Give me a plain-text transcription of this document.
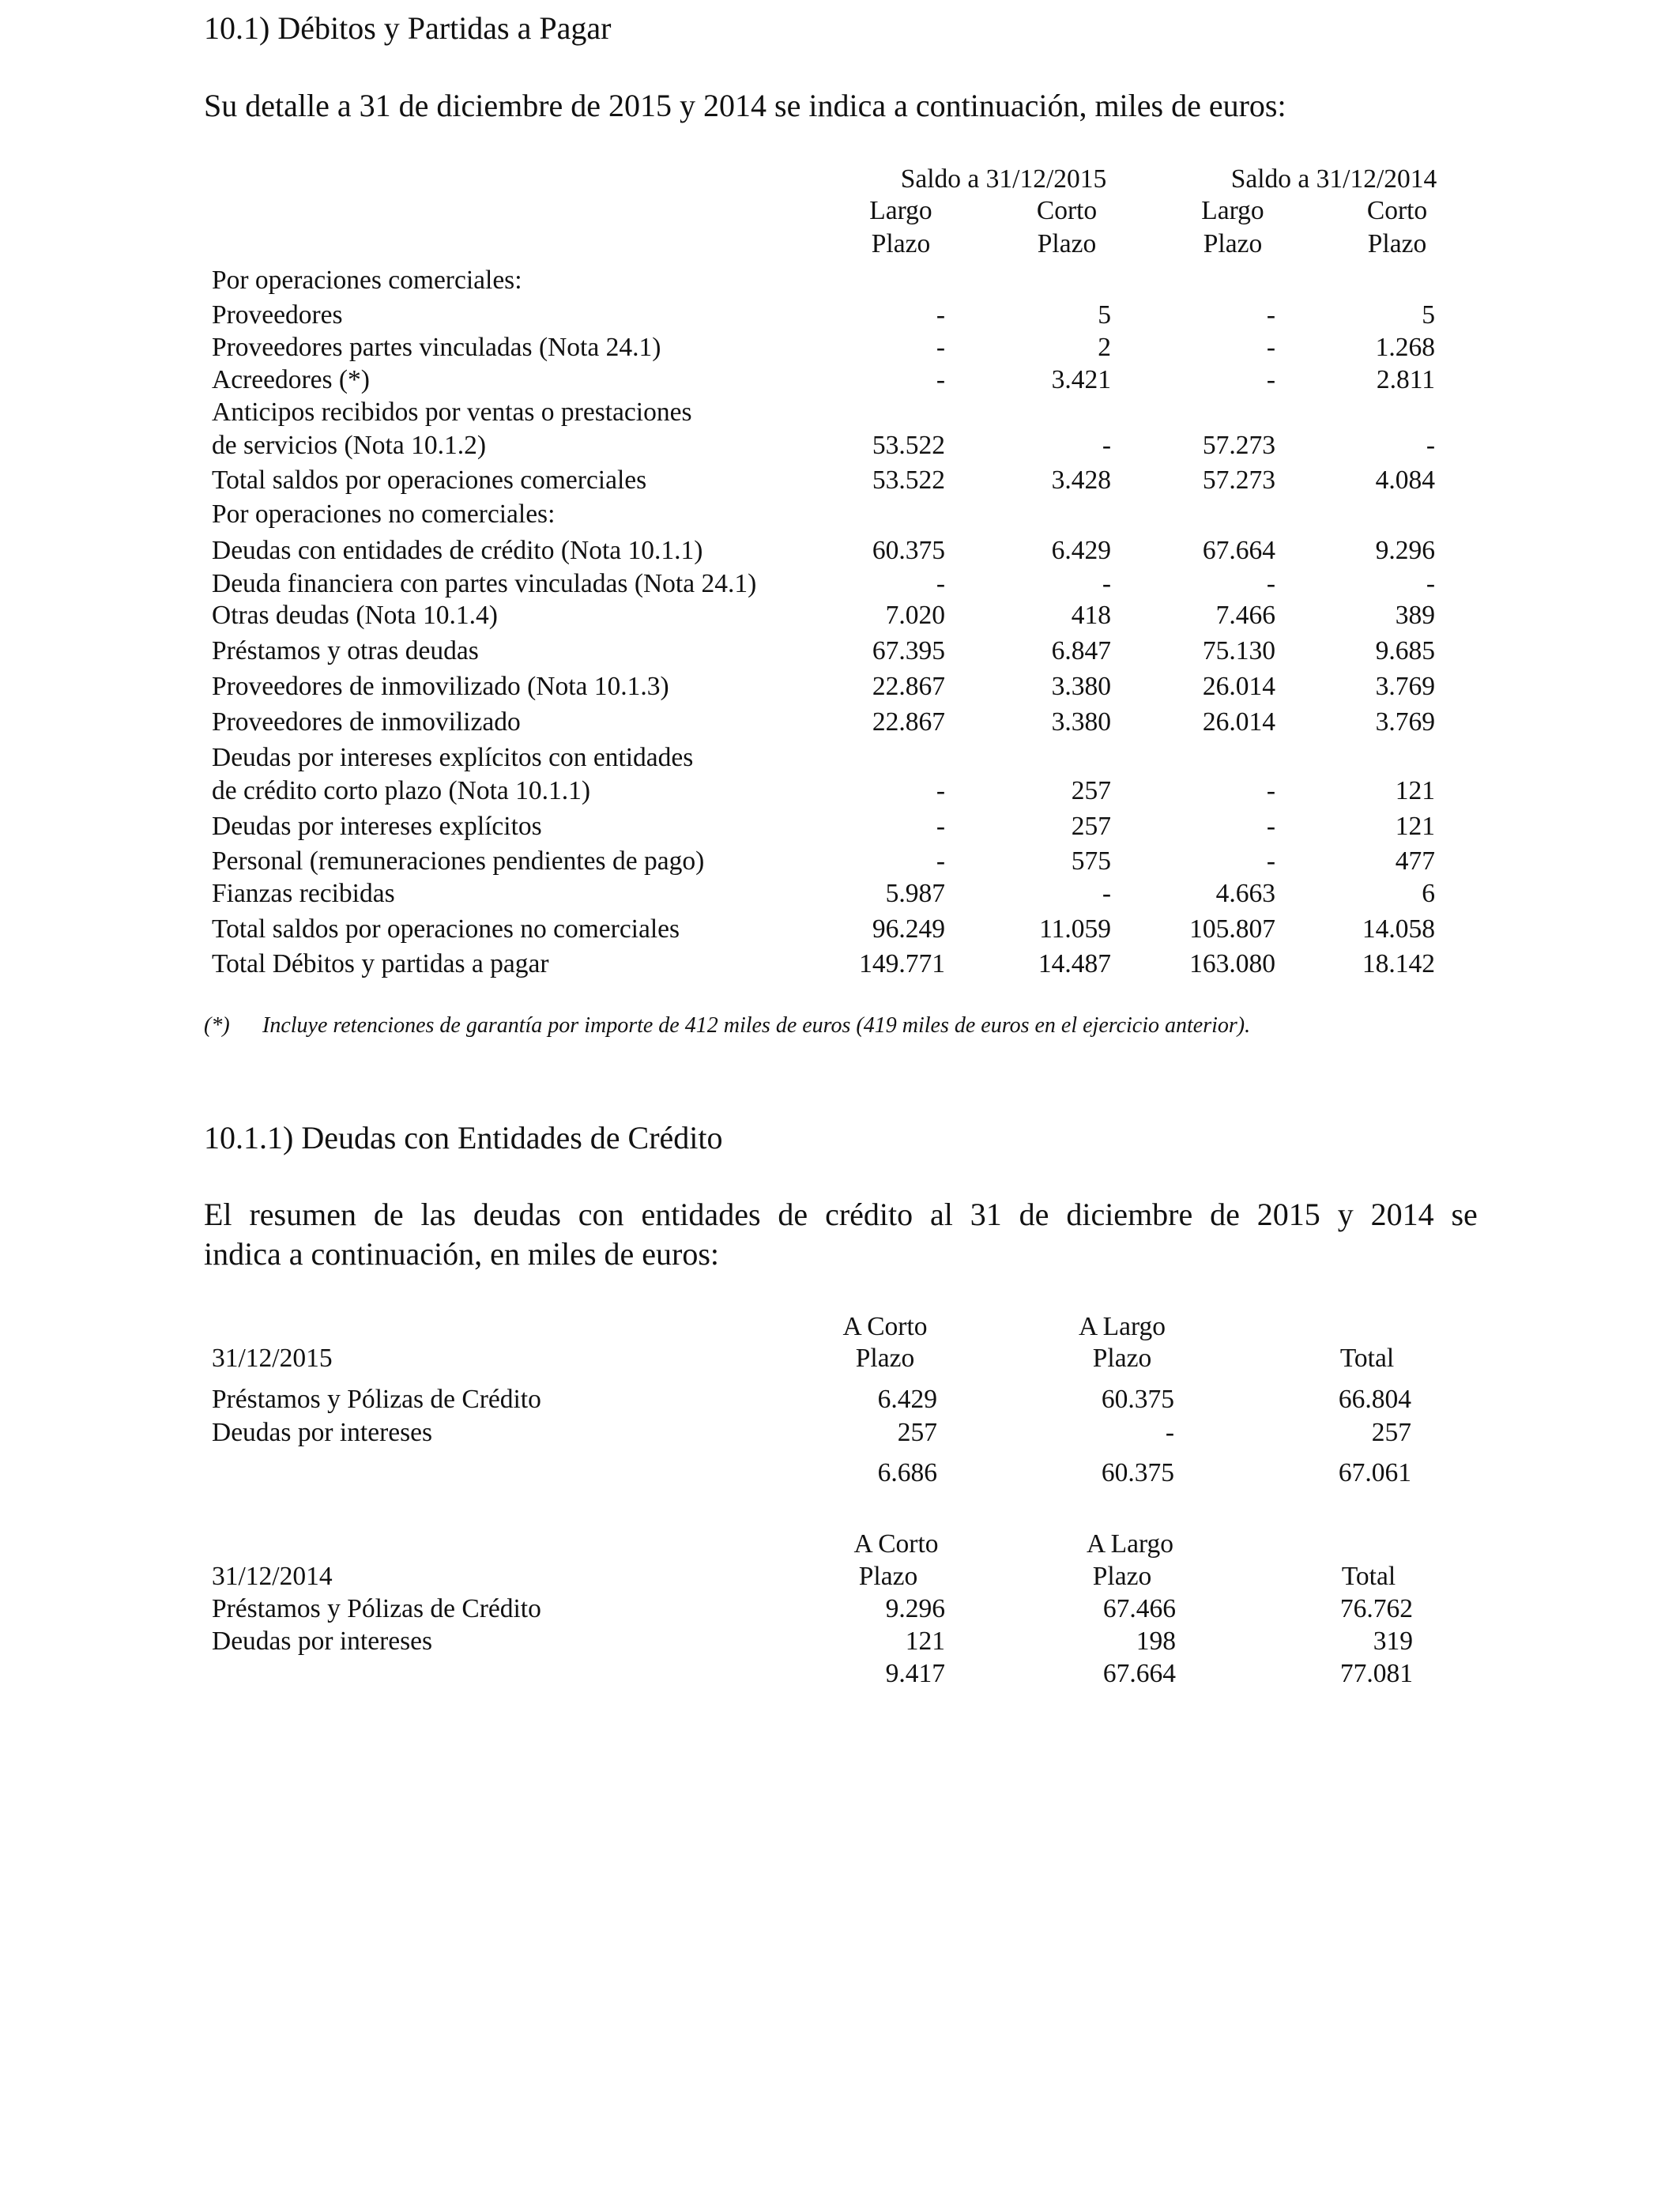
10.1) Débitos y Partidas a Pagar
Su detalle a 31 de diciembre de 2015 y 2014 se indica a continuación, miles de euros:
Saldo a 31/12/2015	Saldo a 31/12/2014
Largo	Corto	Largo	Corto
Plazo	Plazo	Plazo	Plazo
Por operaciones comerciales:
Proveedores	-	5	-	5
Proveedores partes vinculadas (Nota 24.1)	-	2	-	1.268
Acreedores (*)	-	3.421	-	2.811
Anticipos recibidos por ventas o prestaciones
de servicios (Nota 10.1.2)	53.522	-	57.273	-
Total saldos por operaciones comerciales	53.522	3.428	57.273	4.084
Por operaciones no comerciales:
Deudas con entidades de crédito (Nota 10.1.1)	60.375	6.429	67.664	9.296
Deuda financiera con partes vinculadas (Nota 24.1)	-	-	-	-
Otras deudas (Nota 10.1.4)	7.020	418	7.466	389
Préstamos y otras deudas	67.395	6.847	75.130	9.685
Proveedores de inmovilizado (Nota 10.1.3)	22.867	3.380	26.014	3.769
Proveedores de inmovilizado	22.867	3.380	26.014	3.769
Deudas por intereses explícitos con entidades
de crédito corto plazo (Nota 10.1.1)	-	257	-	121
Deudas por intereses explícitos	-	257	-	121
Personal (remuneraciones pendientes de pago)	-	575	-	477
Fianzas recibidas	5.987	-	4.663	6
Total saldos por operaciones no comerciales	96.249	11.059	105.807	14.058
Total Débitos y partidas a pagar	149.771	14.487	163.080	18.142
(*) Incluye retenciones de garantía por importe de 412 miles de euros (419 miles de euros en el ejercicio anterior).
10.1.1) Deudas con Entidades de Crédito
El resumen de las deudas con entidades de crédito al 31 de diciembre de 2015 y 2014 se
indica a continuación, en miles de euros:
A Corto	A Largo
31/12/2015	Plazo	Plazo	Total
Préstamos y Pólizas de Crédito	6.429	60.375	66.804
Deudas por intereses	257	-	257
6.686	60.375	67.061
A Corto	A Largo
31/12/2014	Plazo	Plazo	Total
Préstamos y Pólizas de Crédito	9.296	67.466	76.762
Deudas por intereses	121	198	319
9.417	67.664	77.081
